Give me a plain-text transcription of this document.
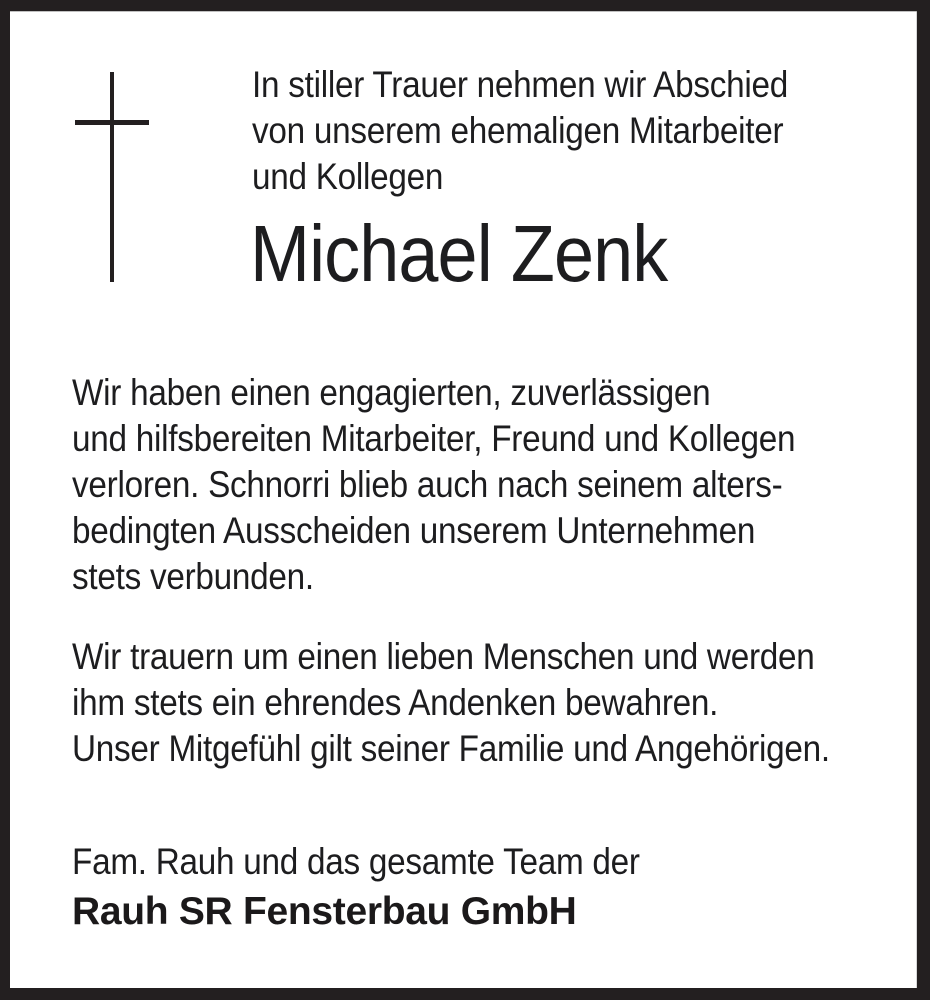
In stiller Trauer nehmen wir Abschied
von unserem ehemaligen Mitarbeiter
und Kollegen
Michael Zenk
Wir haben einen engagierten, zuverlässigen
und hilfsbereiten Mitarbeiter, Freund und Kollegen
verloren. Schnorri blieb auch nach seinem alters-
bedingten Ausscheiden unserem Unternehmen
stets verbunden.
Wir trauern um einen lieben Menschen und werden
ihm stets ein ehrendes Andenken bewahren.
Unser Mitgefühl gilt seiner Familie und Angehörigen.
Fam. Rauh und das gesamte Team der
Rauh SR Fensterbau GmbH
